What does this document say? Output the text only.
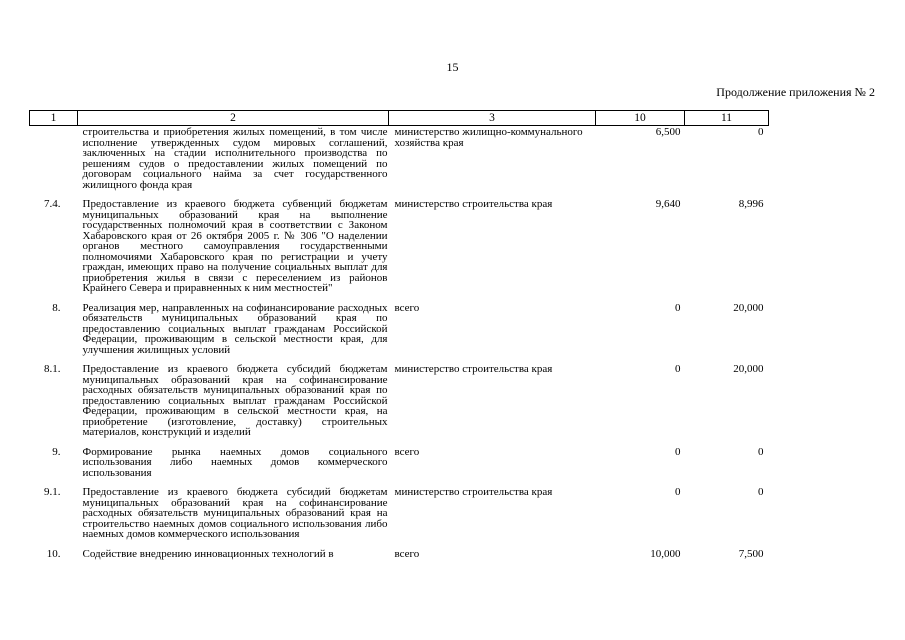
15
Продолжение приложения № 2
1	2	3	10	11
	строительства и приобретения жилых помещений, в том числе исполнение утвержденных судом мировых соглашений, заключенных на стадии исполнительного производства по решениям судов о предоставлении жилых помещений по договорам социального найма за счет государственного жилищного фонда края	министерство жилищно-коммунального хозяйства края	6,500	0
7.4.	Предоставление из краевого бюджета субвенций бюджетам муниципальных образований края на выполнение государственных полномочий края в соответствии с Законом Хабаровского края от 26 октября 2005 г. № 306 "О наделении органов местного самоуправления государственными полномочиями Хабаровского края по регистрации и учету граждан, имеющих право на получение социальных выплат для приобретения жилья в связи с переселением из районов Крайнего Севера и приравненных к ним местностей"	министерство строительства края	9,640	8,996
8.	Реализация мер, направленных на софинансирование расходных обязательств муниципальных образований края по предоставлению социальных выплат гражданам Российской Федерации, проживающим в сельской местности края, для улучшения жилищных условий	всего	0	20,000
8.1.	Предоставление из краевого бюджета субсидий бюджетам муниципальных образований края на софинансирование расходных обязательств муниципальных образований края по предоставлению социальных выплат гражданам Российской Федерации, проживающим в сельской местности края, на приобретение (изготовление, доставку) строительных материалов, конструкций и изделий	министерство строительства края	0	20,000
9.	Формирование рынка наемных домов социального использования либо наемных домов коммерческого использования	всего	0	0
9.1.	Предоставление из краевого бюджета субсидий бюджетам муниципальных образований края на софинансирование расходных обязательств муниципальных образований края на строительство наемных домов социального использования либо наемных домов коммерческого использования	министерство строительства края	0	0
10.	Содействие внедрению инновационных технологий в	всего	10,000	7,500
